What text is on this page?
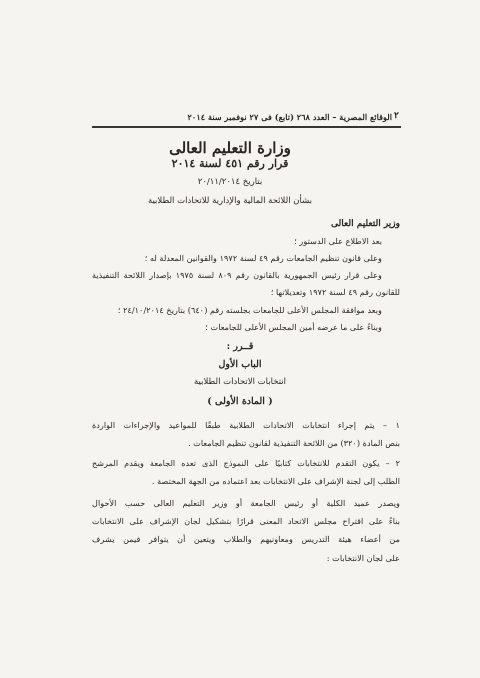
٢
الوقائع المصرية – العدد ٢٦٨ (تابع) فى ٢٧ نوفمبر سنة ٢٠١٤
وزارة التعليم العالى
قرار رقم ٤٥١ لسنة ٢٠١٤
بتاريخ ٢٠/١١/٢٠١٤
بشأن اللائحة المالية والإدارية للاتحادات الطلابية
وزير التعليم العالى
بعد الاطلاع على الدستور ؛
وعلى قانون تنظيم الجامعات رقم ٤٩ لسنة ١٩٧٢ والقوانين المعدلة له ؛
وعلى قرار رئيس الجمهورية بالقانون رقم ٨٠٩ لسنة ١٩٧٥ بإصدار اللائحة التنفيذية
للقانون رقم ٤٩ لسنة ١٩٧٢ وتعديلاتها ؛
وبعد موافقة المجلس الأعلى للجامعات بجلسته رقم (٦٤٠) بتاريخ ٢٤/١٠/٢٠١٤ ؛
وبناءً على ما عرضه أمين المجلس الأعلى للجامعات ؛
قــرر :
الباب الأول
انتخابات الاتحادات الطلابية
( المادة الأولى )
١ – يتم إجراء انتخابات الاتحادات الطلابية طبقًا للمواعيد والإجراءات الواردة
بنص المادة (٣٢٠) من اللائحة التنفيذية لقانون تنظيم الجامعات .
٢ – يكون التقدم للانتخابات كتابيًا على النموذج الذى تعده الجامعة ويقدم المرشح
الطلب إلى لجنة الإشراف على الانتخابات بعد اعتماده من الجهة المختصة .
ويصدر عميد الكلية أو رئيس الجامعة أو وزير التعليم العالى حسب الأحوال
بناءً على اقتراح مجلس الاتحاد المعنى قرارًا بتشكيل لجان الإشراف على الانتخابات
من أعضاء هيئة التدريس ومعاونيهم والطلاب ويتعين أن يتوافر فيمن يشرف
على لجان الانتخابات :
